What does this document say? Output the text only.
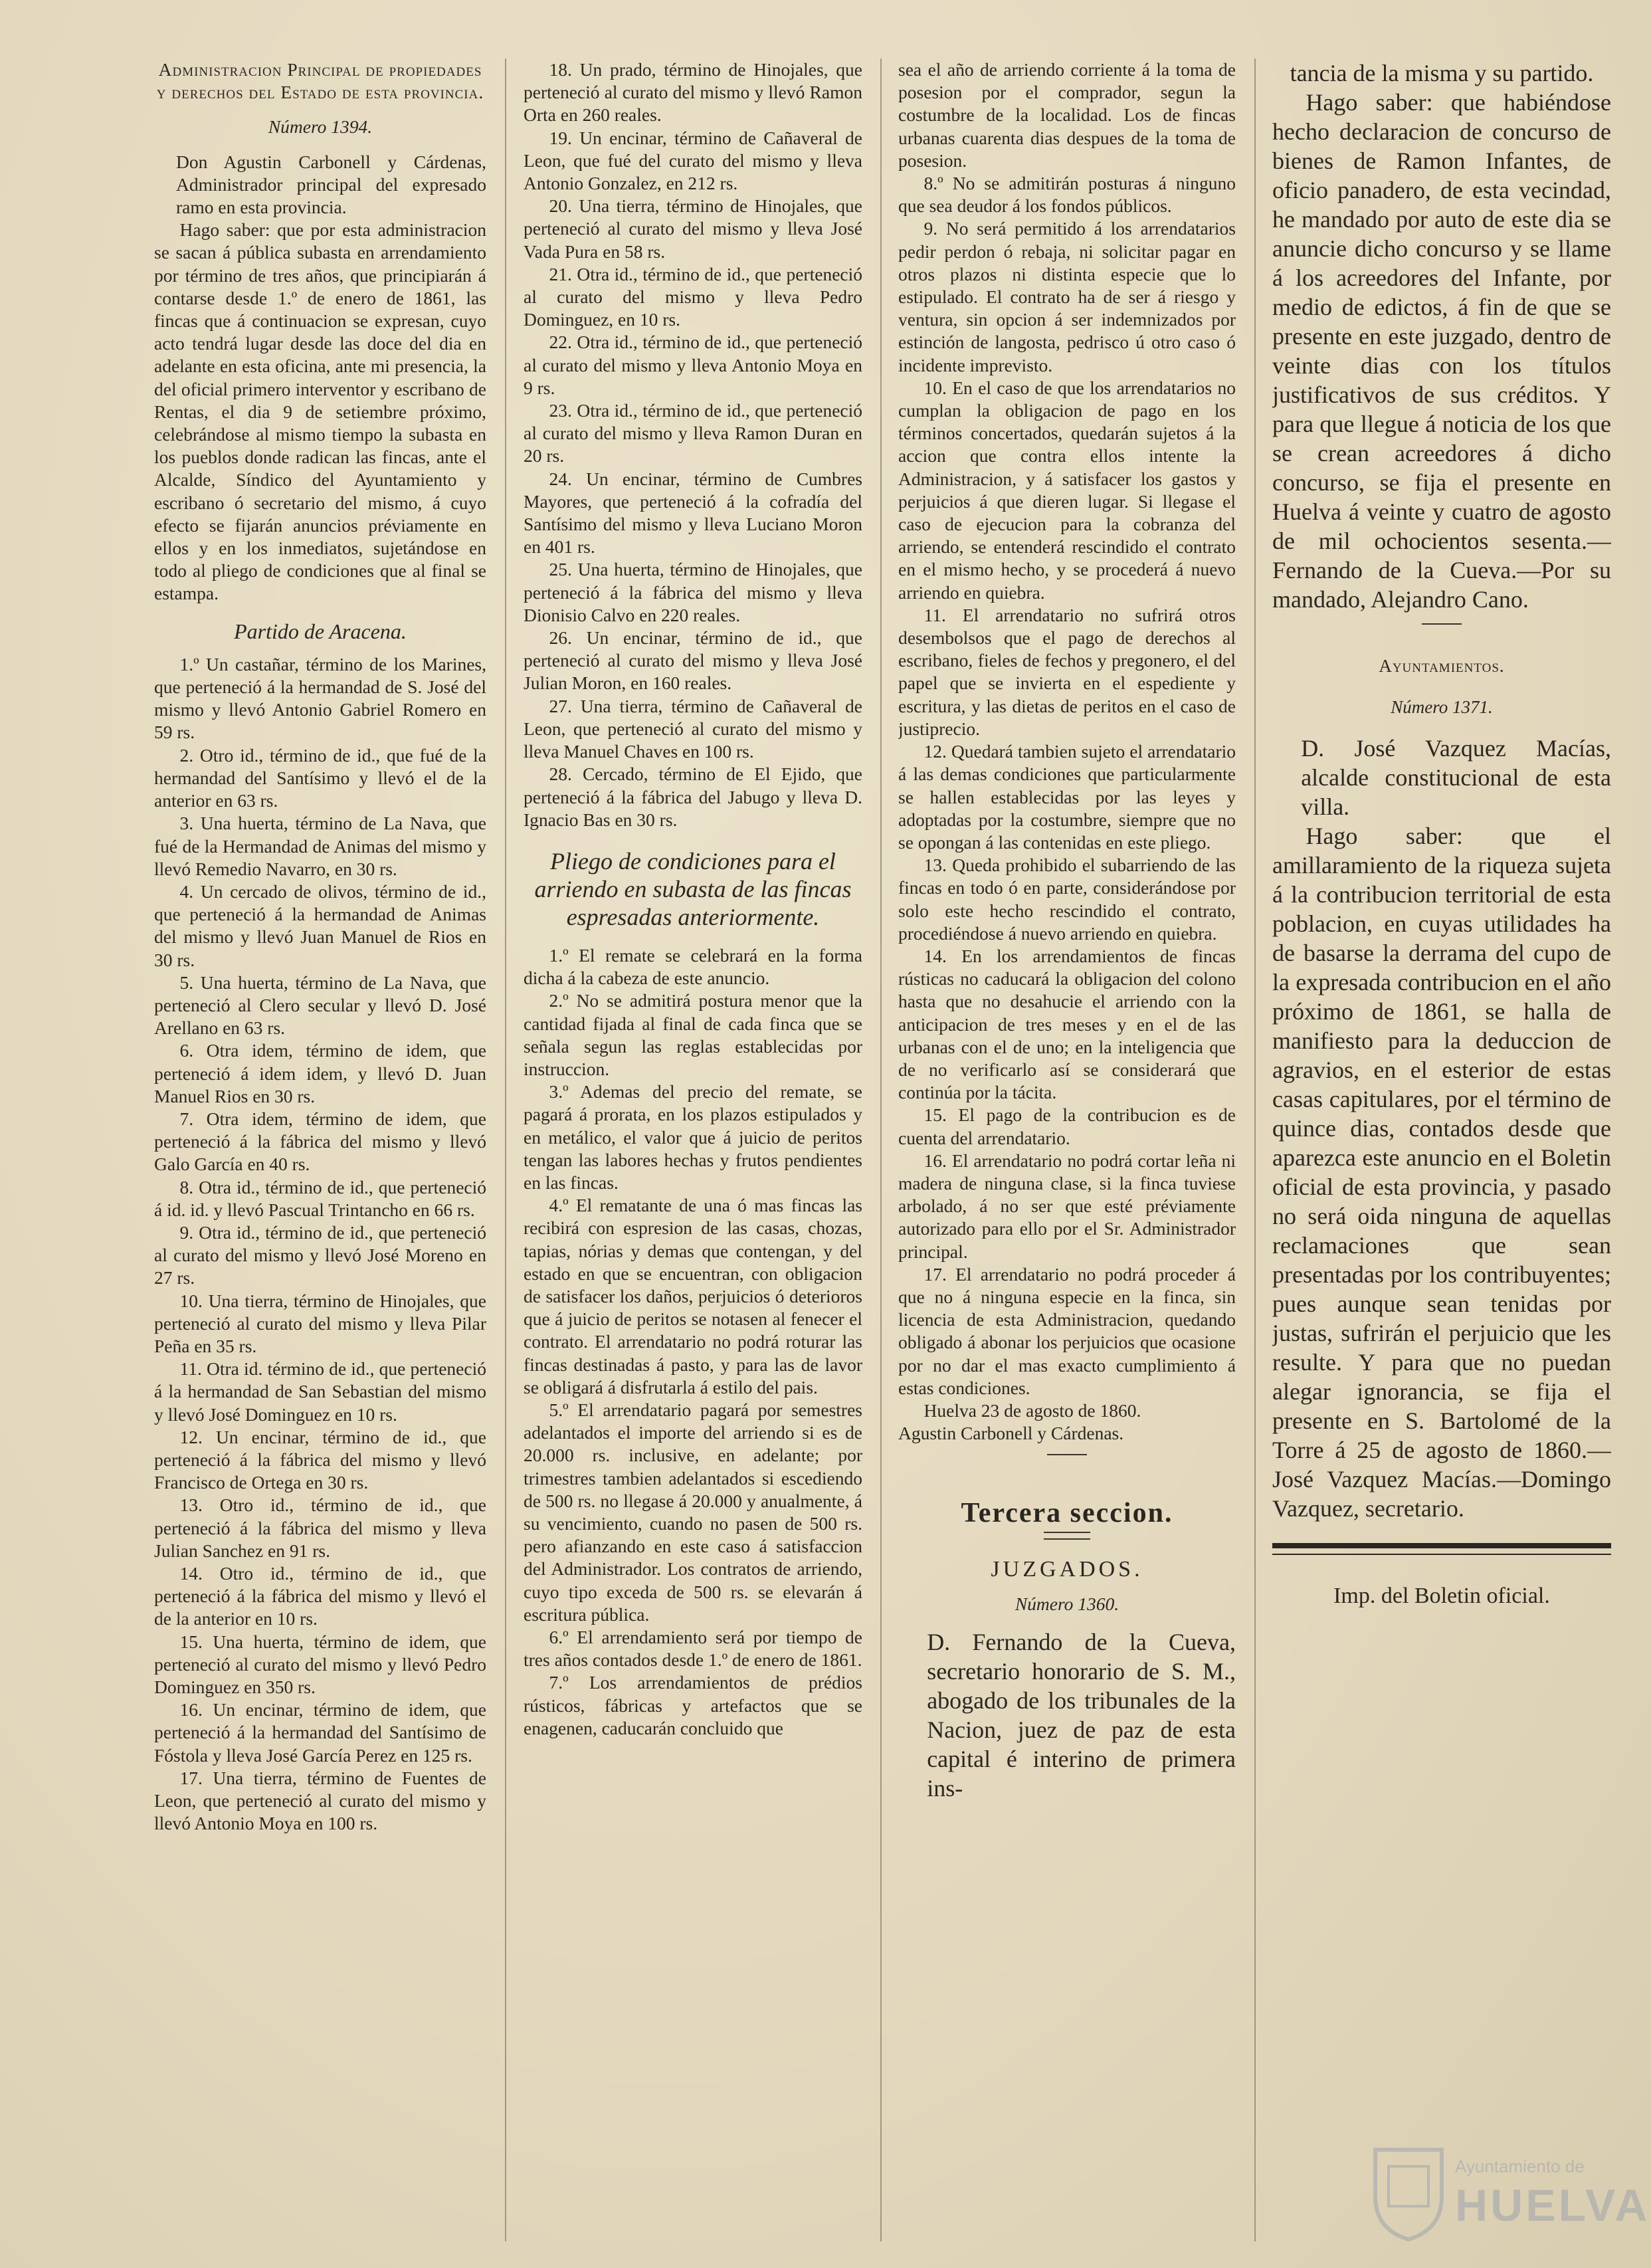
Administracion Principal de propiedades y derechos del Estado de esta provincia.

Número 1394.

Don Agustin Carbonell y Cárdenas, Administrador principal del expresado ramo en esta provincia.

Hago saber: que por esta administracion se sacan á pública subasta en arrendamiento por término de tres años, que principiarán á contarse desde 1.º de enero de 1861, las fincas que á continuacion se expresan, cuyo acto tendrá lugar desde las doce del dia en adelante en esta oficina, ante mi presencia, la del oficial primero interventor y escribano de Rentas, el dia 9 de setiembre próximo, celebrándose al mismo tiempo la subasta en los pueblos donde radican las fincas, ante el Alcalde, Síndico del Ayuntamiento y escribano ó secretario del mismo, á cuyo efecto se fijarán anuncios préviamente en ellos y en los inmediatos, sujetándose en todo al pliego de condiciones que al final se estampa.

Partido de Aracena.

1.º Un castañar, término de los Marines, que perteneció á la hermandad de S. José del mismo y llevó Antonio Gabriel Romero en 59 rs.

2. Otro id., término de id., que fué de la hermandad del Santísimo y llevó el de la anterior en 63 rs.

3. Una huerta, término de La Nava, que fué de la Hermandad de Animas del mismo y llevó Remedio Navarro, en 30 rs.

4. Un cercado de olivos, término de id., que perteneció á la hermandad de Animas del mismo y llevó Juan Manuel de Rios en 30 rs.

5. Una huerta, término de La Nava, que perteneció al Clero secular y llevó D. José Arellano en 63 rs.

6. Otra idem, término de idem, que perteneció á idem idem, y llevó D. Juan Manuel Rios en 30 rs.

7. Otra idem, término de idem, que perteneció á la fábrica del mismo y llevó Galo García en 40 rs.

8. Otra id., término de id., que perteneció á id. id. y llevó Pascual Trintancho en 66 rs.

9. Otra id., término de id., que perteneció al curato del mismo y llevó José Moreno en 27 rs.

10. Una tierra, término de Hinojales, que perteneció al curato del mismo y lleva Pilar Peña en 35 rs.

11. Otra id. término de id., que perteneció á la hermandad de San Sebastian del mismo y llevó José Dominguez en 10 rs.

12. Un encinar, término de id., que perteneció á la fábrica del mismo y llevó Francisco de Ortega en 30 rs.

13. Otro id., término de id., que perteneció á la fábrica del mismo y lleva Julian Sanchez en 91 rs.

14. Otro id., término de id., que perteneció á la fábrica del mismo y llevó el de la anterior en 10 rs.

15. Una huerta, término de idem, que perteneció al curato del mismo y llevó Pedro Dominguez en 350 rs.

16. Un encinar, término de idem, que perteneció á la hermandad del Santísimo de Fóstola y lleva José García Perez en 125 rs.

17. Una tierra, término de Fuentes de Leon, que perteneció al curato del mismo y llevó Antonio Moya en 100 rs.

18. Un prado, término de Hinojales, que perteneció al curato del mismo y llevó Ramon Orta en 260 reales.

19. Un encinar, término de Cañaveral de Leon, que fué del curato del mismo y lleva Antonio Gonzalez, en 212 rs.

20. Una tierra, término de Hinojales, que perteneció al curato del mismo y lleva José Vada Pura en 58 rs.

21. Otra id., término de id., que perteneció al curato del mismo y lleva Pedro Dominguez, en 10 rs.

22. Otra id., término de id., que perteneció al curato del mismo y lleva Antonio Moya en 9 rs.

23. Otra id., término de id., que perteneció al curato del mismo y lleva Ramon Duran en 20 rs.

24. Un encinar, término de Cumbres Mayores, que perteneció á la cofradía del Santísimo del mismo y lleva Luciano Moron en 401 rs.

25. Una huerta, término de Hinojales, que perteneció á la fábrica del mismo y lleva Dionisio Calvo en 220 reales.

26. Un encinar, término de id., que perteneció al curato del mismo y lleva José Julian Moron, en 160 reales.

27. Una tierra, término de Cañaveral de Leon, que perteneció al curato del mismo y lleva Manuel Chaves en 100 rs.

28. Cercado, término de El Ejido, que perteneció á la fábrica del Jabugo y lleva D. Ignacio Bas en 30 rs.

Pliego de condiciones para el arriendo en subasta de las fincas espresadas anteriormente.

1.º El remate se celebrará en la forma dicha á la cabeza de este anuncio.

2.º No se admitirá postura menor que la cantidad fijada al final de cada finca que se señala segun las reglas establecidas por instruccion.

3.º Ademas del precio del remate, se pagará á prorata, en los plazos estipulados y en metálico, el valor que á juicio de peritos tengan las labores hechas y frutos pendientes en las fincas.

4.º El rematante de una ó mas fincas las recibirá con espresion de las casas, chozas, tapias, nórias y demas que contengan, y del estado en que se encuentran, con obligacion de satisfacer los daños, perjuicios ó deterioros que á juicio de peritos se notasen al fenecer el contrato. El arrendatario no podrá roturar las fincas destinadas á pasto, y para las de lavor se obligará á disfrutarla á estilo del pais.

5.º El arrendatario pagará por semestres adelantados el importe del arriendo si es de 20.000 rs. inclusive, en adelante; por trimestres tambien adelantados si escediendo de 500 rs. no llegase á 20.000 y anualmente, á su vencimiento, cuando no pasen de 500 rs. pero afianzando en este caso á satisfaccion del Administrador. Los contratos de arriendo, cuyo tipo exceda de 500 rs. se elevarán á escritura pública.

6.º El arrendamiento será por tiempo de tres años contados desde 1.º de enero de 1861.

7.º Los arrendamientos de prédios rústicos, fábricas y artefactos que se enagenen, caducarán concluido que

sea el año de arriendo corriente á la toma de posesion por el comprador, segun la costumbre de la localidad. Los de fincas urbanas cuarenta dias despues de la toma de posesion.

8.º No se admitirán posturas á ninguno que sea deudor á los fondos públicos.

9. No será permitido á los arrendatarios pedir perdon ó rebaja, ni solicitar pagar en otros plazos ni distinta especie que lo estipulado. El contrato ha de ser á riesgo y ventura, sin opcion á ser indemnizados por estinción de langosta, pedrisco ú otro caso ó incidente imprevisto.

10. En el caso de que los arrendatarios no cumplan la obligacion de pago en los términos concertados, quedarán sujetos á la accion que contra ellos intente la Administracion, y á satisfacer los gastos y perjuicios á que dieren lugar. Si llegase el caso de ejecucion para la cobranza del arriendo, se entenderá rescindido el contrato en el mismo hecho, y se procederá á nuevo arriendo en quiebra.

11. El arrendatario no sufrirá otros desembolsos que el pago de derechos al escribano, fieles de fechos y pregonero, el del papel que se invierta en el espediente y escritura, y las dietas de peritos en el caso de justiprecio.

12. Quedará tambien sujeto el arrendatario á las demas condiciones que particularmente se hallen establecidas por las leyes y adoptadas por la costumbre, siempre que no se opongan á las contenidas en este pliego.

13. Queda prohibido el subarriendo de las fincas en todo ó en parte, considerándose por solo este hecho rescindido el contrato, procediéndose á nuevo arriendo en quiebra.

14. En los arrendamientos de fincas rústicas no caducará la obligacion del colono hasta que no desahucie el arriendo con la anticipacion de tres meses y en el de las urbanas con el de uno; en la inteligencia que de no verificarlo así se considerará que continúa por la tácita.

15. El pago de la contribucion es de cuenta del arrendatario.

16. El arrendatario no podrá cortar leña ni madera de ninguna clase, si la finca tuviese arbolado, á no ser que esté préviamente autorizado para ello por el Sr. Administrador principal.

17. El arrendatario no podrá proceder á que no á ninguna especie en la finca, sin licencia de esta Administracion, quedando obligado á abonar los perjuicios que ocasione por no dar el mas exacto cumplimiento á estas condiciones.

Huelva 23 de agosto de 1860.

Agustin Carbonell y Cárdenas.

Tercera seccion.

JUZGADOS.

Número 1360.

D. Fernando de la Cueva, secretario honorario de S. M., abogado de los tribunales de la Nacion, juez de paz de esta capital é interino de primera ins-

tancia de la misma y su partido.

Hago saber: que habiéndose hecho declaracion de concurso de bienes de Ramon Infantes, de oficio panadero, de esta vecindad, he mandado por auto de este dia se anuncie dicho concurso y se llame á los acreedores del Infante, por medio de edictos, á fin de que se presente en este juzgado, dentro de veinte dias con los títulos justificativos de sus créditos. Y para que llegue á noticia de los que se crean acreedores á dicho concurso, se fija el presente en Huelva á veinte y cuatro de agosto de mil ochocientos sesenta.—Fernando de la Cueva.—Por su mandado, Alejandro Cano.

Ayuntamientos.

Número 1371.

D. José Vazquez Macías, alcalde constitucional de esta villa.

Hago saber: que el amillaramiento de la riqueza sujeta á la contribucion territorial de esta poblacion, en cuyas utilidades ha de basarse la derrama del cupo de la expresada contribucion en el año próximo de 1861, se halla de manifiesto para la deduccion de agravios, en el esterior de estas casas capitulares, por el término de quince dias, contados desde que aparezca este anuncio en el Boletin oficial de esta provincia, y pasado no será oida ninguna de aquellas reclamaciones que sean presentadas por los contribuyentes; pues aunque sean tenidas por justas, sufrirán el perjuicio que les resulte. Y para que no puedan alegar ignorancia, se fija el presente en S. Bartolomé de la Torre á 25 de agosto de 1860.—José Vazquez Macías.—Domingo Vazquez, secretario.

Imp. del Boletin oficial.

Ayuntamiento de
HUELVA
